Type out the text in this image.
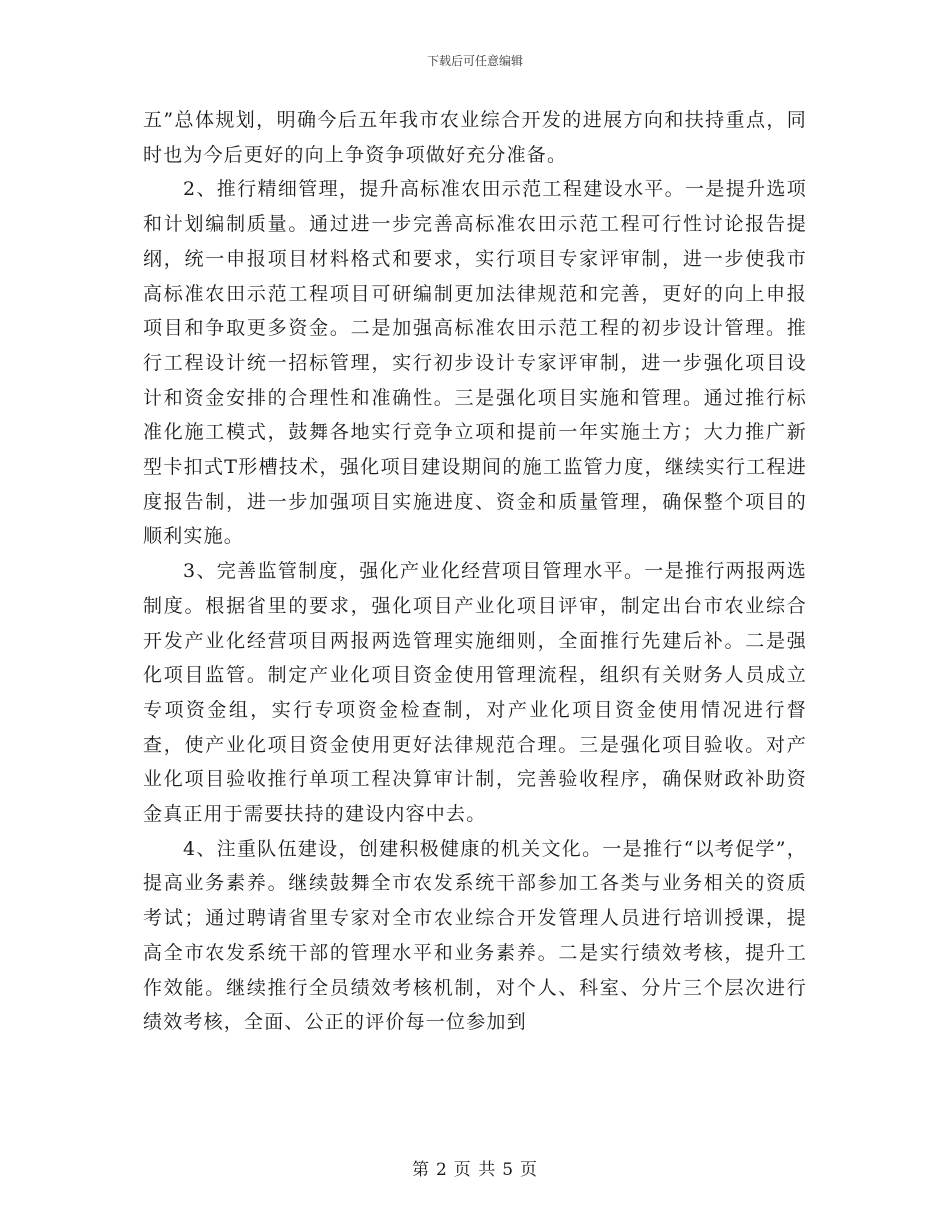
下载后可任意编辑

五”总体规划，明确今后五年我市农业综合开发的进展方向和扶持重点，同时也为今后更好的向上争资争项做好充分准备。

2、推行精细管理，提升高标准农田示范工程建设水平。一是提升选项和计划编制质量。通过进一步完善高标准农田示范工程可行性讨论报告提纲，统一申报项目材料格式和要求，实行项目专家评审制，进一步使我市高标准农田示范工程项目可研编制更加法律规范和完善，更好的向上申报项目和争取更多资金。二是加强高标准农田示范工程的初步设计管理。推行工程设计统一招标管理，实行初步设计专家评审制，进一步强化项目设计和资金安排的合理性和准确性。三是强化项目实施和管理。通过推行标准化施工模式，鼓舞各地实行竞争立项和提前一年实施土方；大力推广新型卡扣式T形槽技术，强化项目建设期间的施工监管力度，继续实行工程进度报告制，进一步加强项目实施进度、资金和质量管理，确保整个项目的顺利实施。

3、完善监管制度，强化产业化经营项目管理水平。一是推行两报两选制度。根据省里的要求，强化项目产业化项目评审，制定出台市农业综合开发产业化经营项目两报两选管理实施细则，全面推行先建后补。二是强化项目监管。制定产业化项目资金使用管理流程，组织有关财务人员成立专项资金组，实行专项资金检查制，对产业化项目资金使用情况进行督查，使产业化项目资金使用更好法律规范合理。三是强化项目验收。对产业化项目验收推行单项工程决算审计制，完善验收程序，确保财政补助资金真正用于需要扶持的建设内容中去。

4、注重队伍建设，创建积极健康的机关文化。一是推行“以考促学”，提高业务素养。继续鼓舞全市农发系统干部参加工各类与业务相关的资质考试；通过聘请省里专家对全市农业综合开发管理人员进行培训授课，提高全市农发系统干部的管理水平和业务素养。二是实行绩效考核，提升工作效能。继续推行全员绩效考核机制，对个人、科室、分片三个层次进行绩效考核，全面、公正的评价每一位参加到

第 2 页 共 5 页
